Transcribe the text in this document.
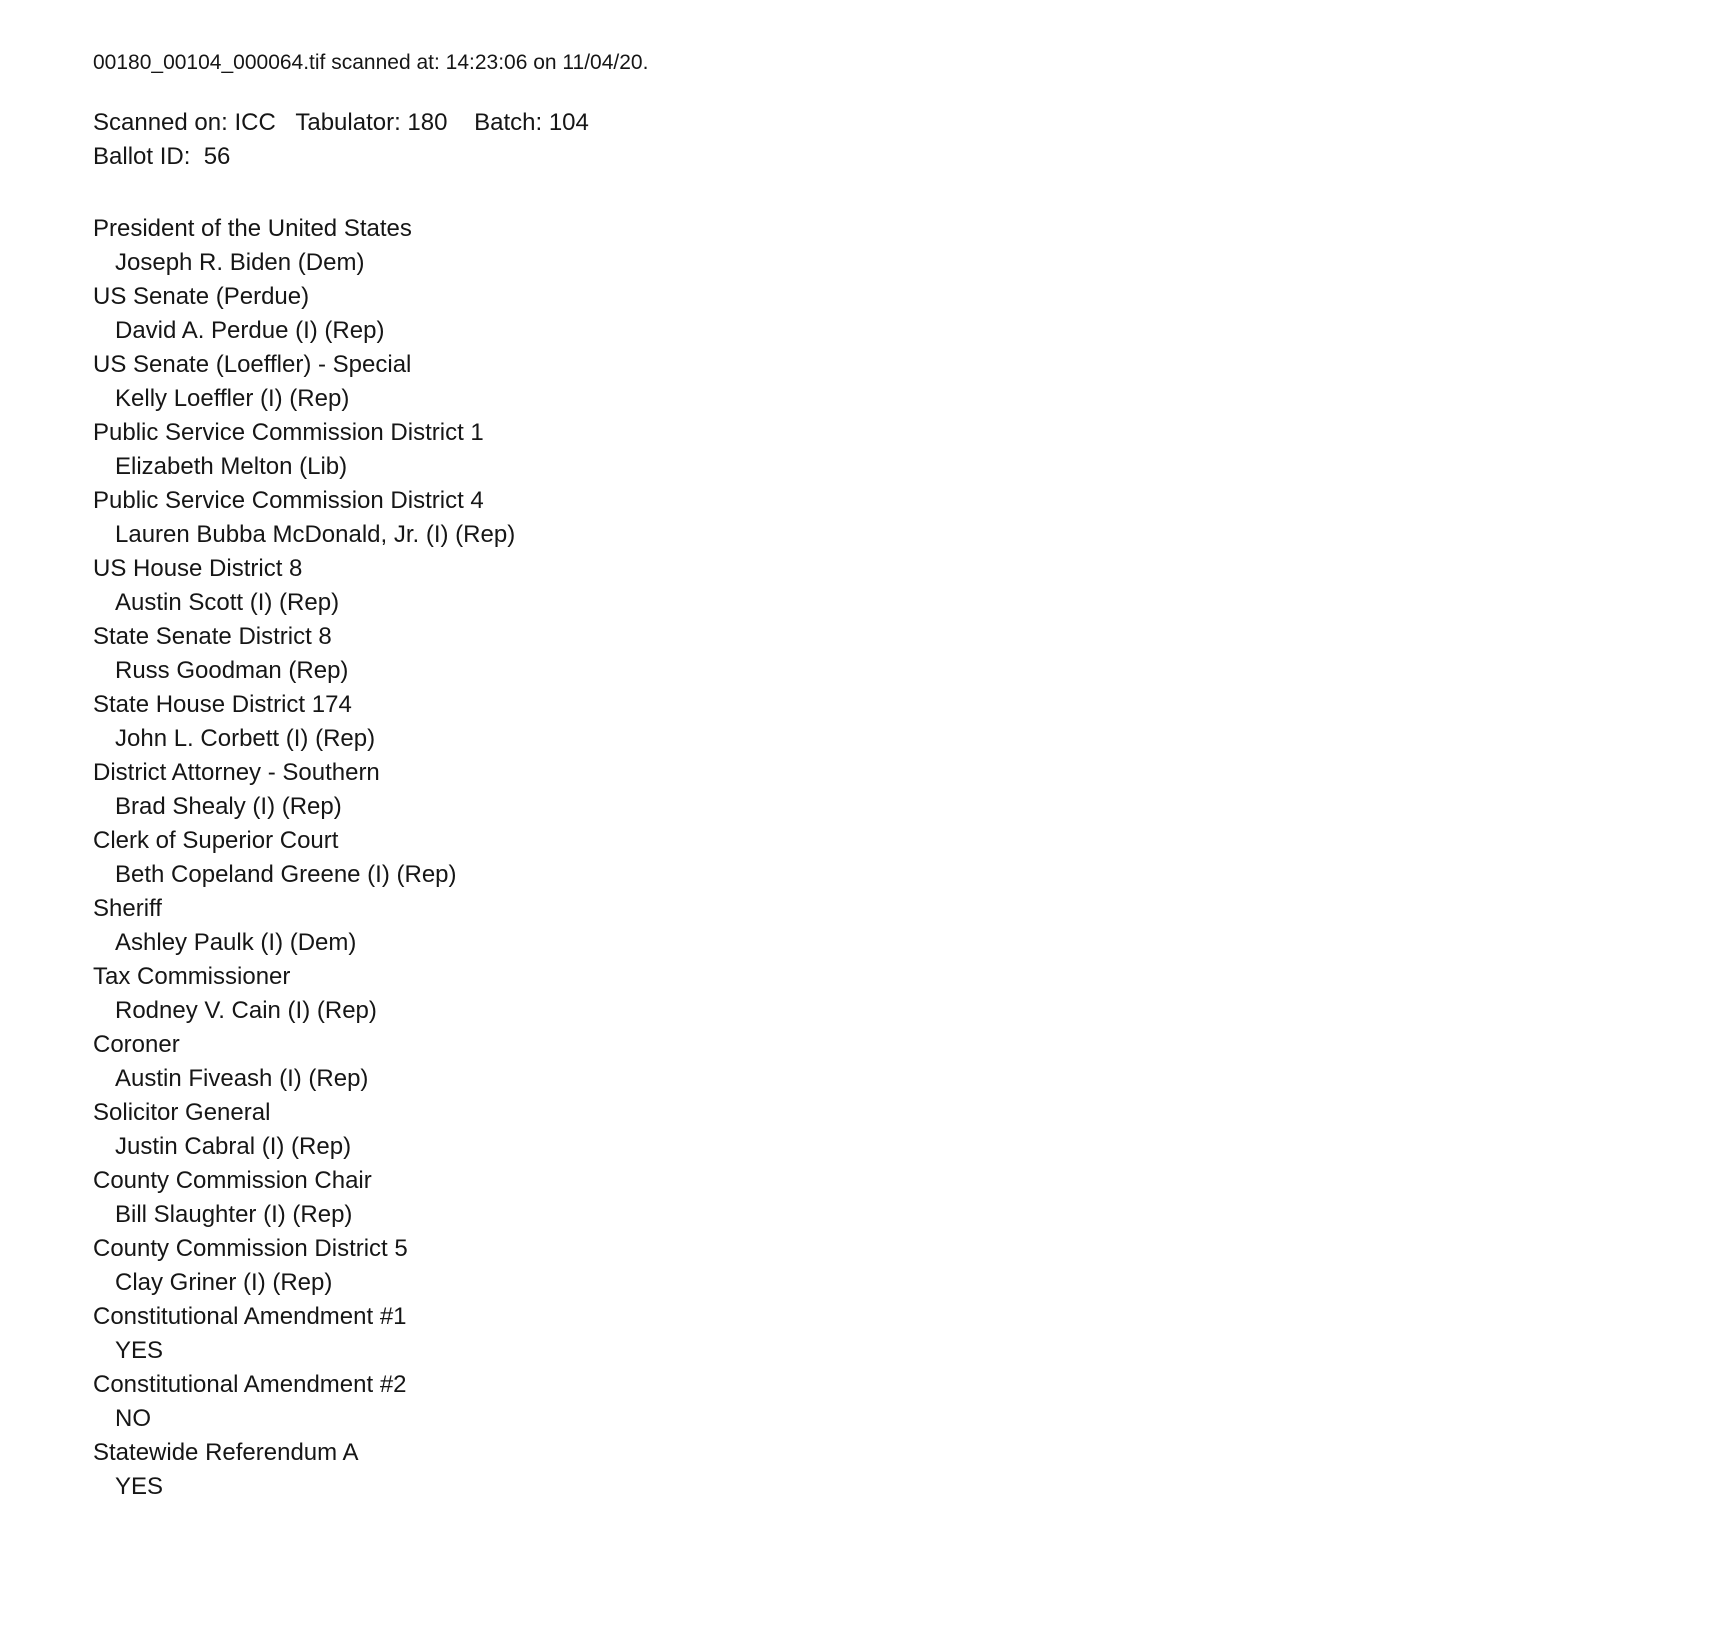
00180_00104_000064.tif scanned at: 14:23:06 on 11/04/20.
Scanned on: ICC   Tabulator: 180    Batch: 104
Ballot ID:  56
President of the United States
Joseph R. Biden (Dem)
US Senate (Perdue)
David A. Perdue (I) (Rep)
US Senate (Loeffler) - Special
Kelly Loeffler (I) (Rep)
Public Service Commission District 1
Elizabeth Melton (Lib)
Public Service Commission District 4
Lauren Bubba McDonald, Jr. (I) (Rep)
US House District 8
Austin Scott (I) (Rep)
State Senate District 8
Russ Goodman (Rep)
State House District 174
John L. Corbett (I) (Rep)
District Attorney - Southern
Brad Shealy (I) (Rep)
Clerk of Superior Court
Beth Copeland Greene (I) (Rep)
Sheriff
Ashley Paulk (I) (Dem)
Tax Commissioner
Rodney V. Cain (I) (Rep)
Coroner
Austin Fiveash (I) (Rep)
Solicitor General
Justin Cabral (I) (Rep)
County Commission Chair
Bill Slaughter (I) (Rep)
County Commission District 5
Clay Griner (I) (Rep)
Constitutional Amendment #1
YES
Constitutional Amendment #2
NO
Statewide Referendum A
YES
